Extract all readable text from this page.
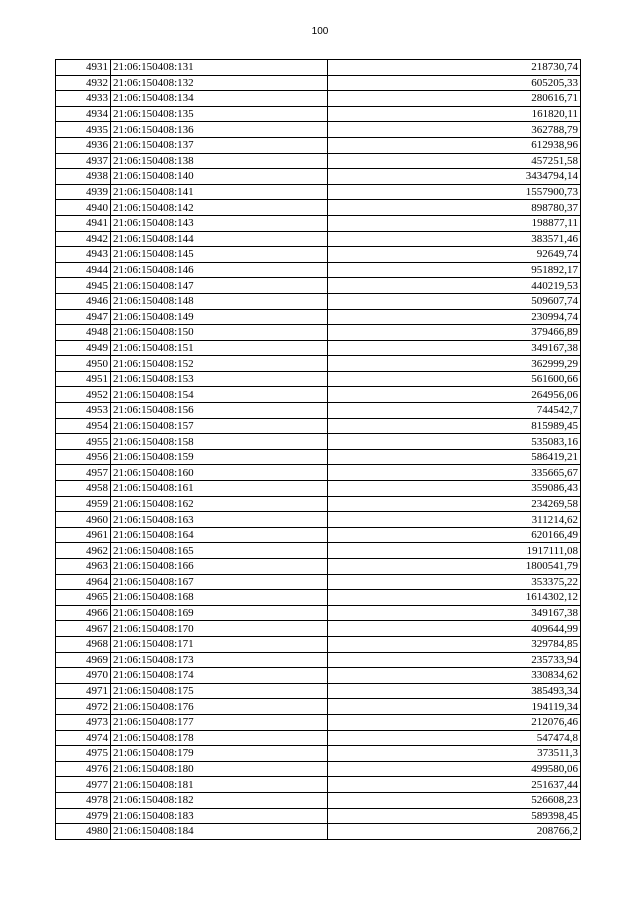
100
4931	21:06:150408:131	218730,74
4932	21:06:150408:132	605205,33
4933	21:06:150408:134	280616,71
4934	21:06:150408:135	161820,11
4935	21:06:150408:136	362788,79
4936	21:06:150408:137	612938,96
4937	21:06:150408:138	457251,58
4938	21:06:150408:140	3434794,14
4939	21:06:150408:141	1557900,73
4940	21:06:150408:142	898780,37
4941	21:06:150408:143	198877,11
4942	21:06:150408:144	383571,46
4943	21:06:150408:145	92649,74
4944	21:06:150408:146	951892,17
4945	21:06:150408:147	440219,53
4946	21:06:150408:148	509607,74
4947	21:06:150408:149	230994,74
4948	21:06:150408:150	379466,89
4949	21:06:150408:151	349167,38
4950	21:06:150408:152	362999,29
4951	21:06:150408:153	561600,66
4952	21:06:150408:154	264956,06
4953	21:06:150408:156	744542,7
4954	21:06:150408:157	815989,45
4955	21:06:150408:158	535083,16
4956	21:06:150408:159	586419,21
4957	21:06:150408:160	335665,67
4958	21:06:150408:161	359086,43
4959	21:06:150408:162	234269,58
4960	21:06:150408:163	311214,62
4961	21:06:150408:164	620166,49
4962	21:06:150408:165	1917111,08
4963	21:06:150408:166	1800541,79
4964	21:06:150408:167	353375,22
4965	21:06:150408:168	1614302,12
4966	21:06:150408:169	349167,38
4967	21:06:150408:170	409644,99
4968	21:06:150408:171	329784,85
4969	21:06:150408:173	235733,94
4970	21:06:150408:174	330834,62
4971	21:06:150408:175	385493,34
4972	21:06:150408:176	194119,34
4973	21:06:150408:177	212076,46
4974	21:06:150408:178	547474,8
4975	21:06:150408:179	373511,3
4976	21:06:150408:180	499580,06
4977	21:06:150408:181	251637,44
4978	21:06:150408:182	526608,23
4979	21:06:150408:183	589398,45
4980	21:06:150408:184	208766,2
